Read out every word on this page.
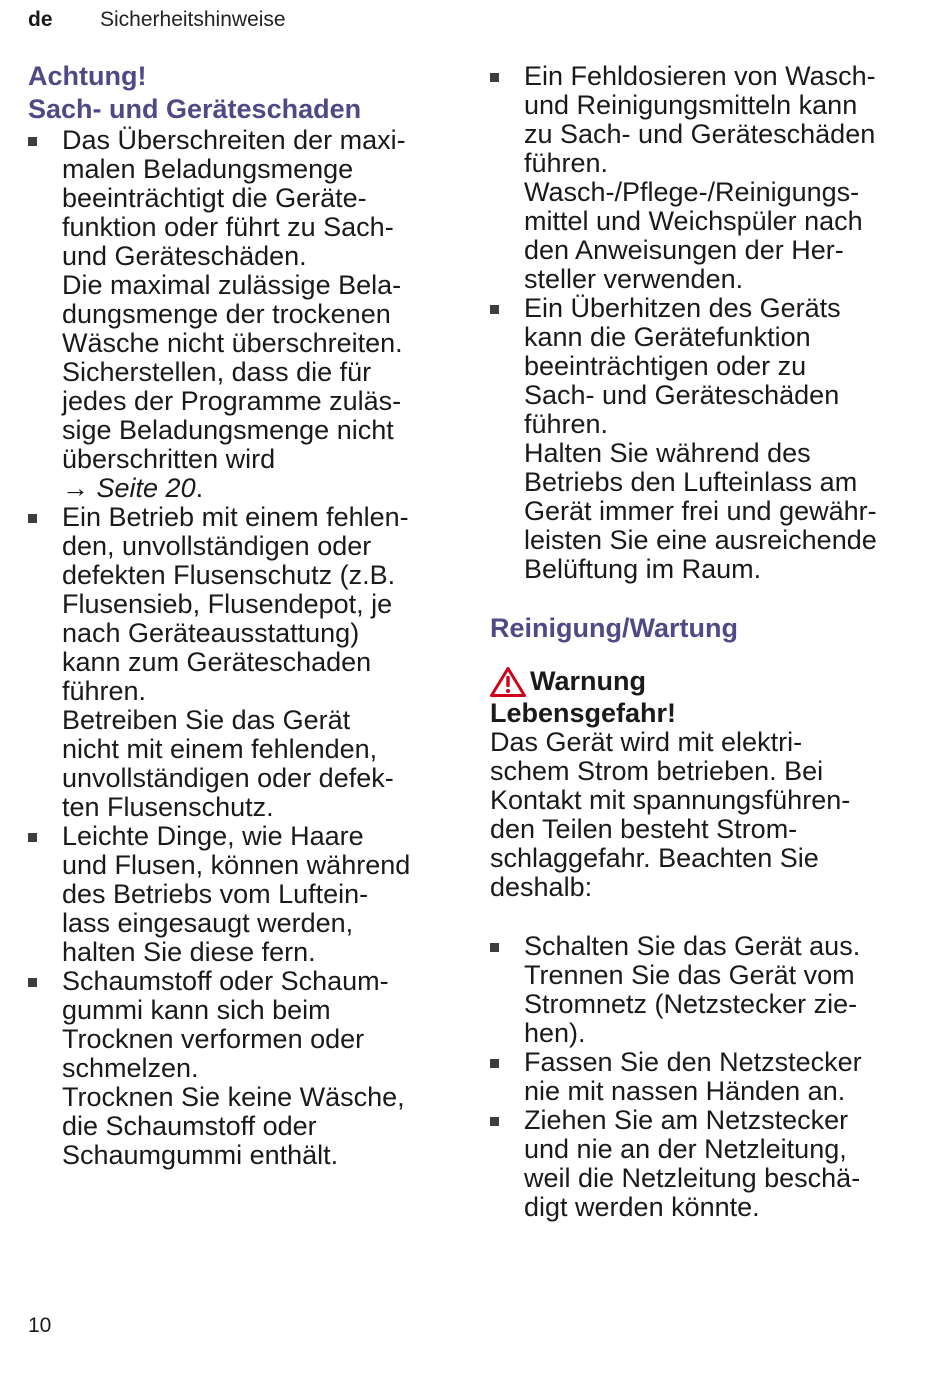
de	Sicherheitshinweise
Achtung!
Sach- und Geräteschaden
Das Überschreiten der maxi-
malen Beladungsmenge
beeinträchtigt die Geräte-
funktion oder führt zu Sach-
und Geräteschäden.
Die maximal zulässige Bela-
dungsmenge der trockenen
Wäsche nicht überschreiten.
Sicherstellen, dass die für
jedes der Programme zuläs-
sige Beladungsmenge nicht
überschritten wird
→ Seite 20.
Ein Betrieb mit einem fehlen-
den, unvollständigen oder
defekten Flusenschutz (z.B.
Flusensieb, Flusendepot, je
nach Geräteausstattung)
kann zum Geräteschaden
führen.
Betreiben Sie das Gerät
nicht mit einem fehlenden,
unvollständigen oder defek-
ten Flusenschutz.
Leichte Dinge, wie Haare
und Flusen, können während
des Betriebs vom Luftein-
lass eingesaugt werden,
halten Sie diese fern.
Schaumstoff oder Schaum-
gummi kann sich beim
Trocknen verformen oder
schmelzen.
Trocknen Sie keine Wäsche,
die Schaumstoff oder
Schaumgummi enthält.
Ein Fehldosieren von Wasch-
und Reinigungsmitteln kann
zu Sach- und Geräteschäden
führen.
Wasch-/Pflege-/Reinigungs-
mittel und Weichspüler nach
den Anweisungen der Her-
steller verwenden.
Ein Überhitzen des Geräts
kann die Gerätefunktion
beeinträchtigen oder zu
Sach- und Geräteschäden
führen.
Halten Sie während des
Betriebs den Lufteinlass am
Gerät immer frei und gewähr-
leisten Sie eine ausreichende
Belüftung im Raum.
Reinigung/Wartung
Warnung
Lebensgefahr!
Das Gerät wird mit elektri-
schem Strom betrieben. Bei
Kontakt mit spannungsführen-
den Teilen besteht Strom-
schlaggefahr. Beachten Sie
deshalb:
Schalten Sie das Gerät aus.
Trennen Sie das Gerät vom
Stromnetz (Netzstecker zie-
hen).
Fassen Sie den Netzstecker
nie mit nassen Händen an.
Ziehen Sie am Netzstecker
und nie an der Netzleitung,
weil die Netzleitung beschä-
digt werden könnte.
10
